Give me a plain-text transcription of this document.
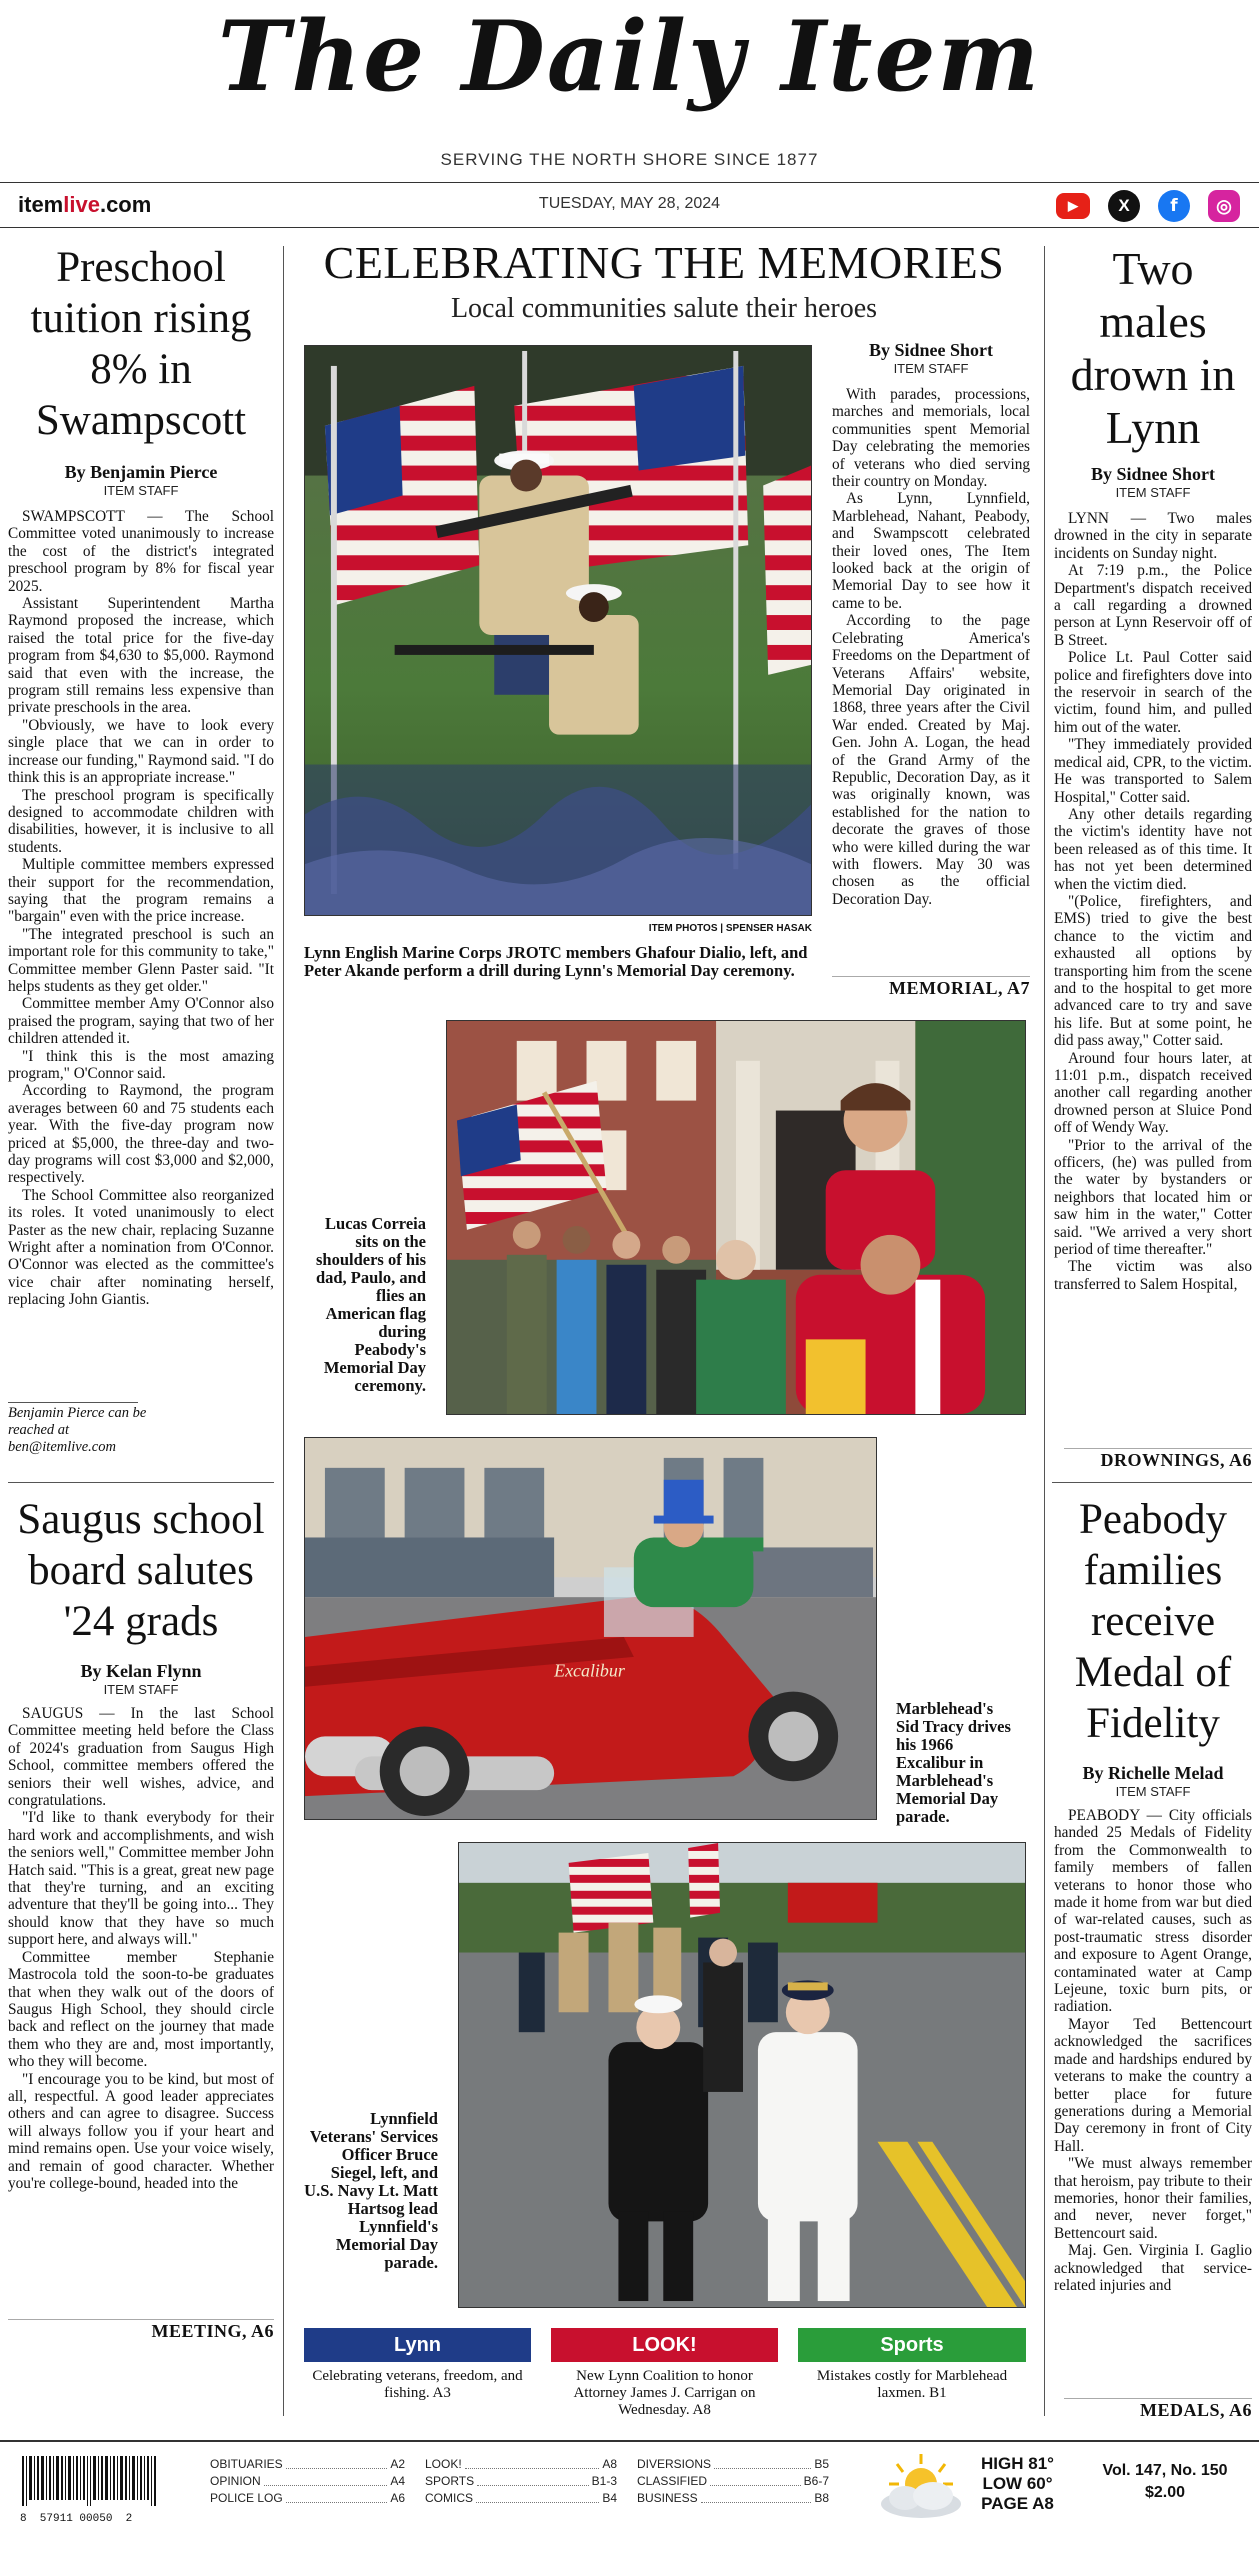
The Daily Item
SERVING THE NORTH SHORE SINCE 1877
itemlive.com	TUESDAY, MAY 28, 2024	▶	X	f	◎
Preschool tuition rising 8% in Swampscott
By Benjamin Pierce
ITEM STAFF

SWAMPSCOTT — The School Committee voted unanimously to increase the cost of the district's integrated preschool program by 8% for fiscal year 2025.

Assistant Superintendent Martha Raymond proposed the increase, which raised the total price for the five-day program from $4,630 to $5,000. Raymond said that even with the increase, the program still remains less expensive than private preschools in the area.

"Obviously, we have to look every single place that we can in order to increase our funding," Raymond said. "I do think this is an appropriate increase."

The preschool program is specifically designed to accommodate children with disabilities, however, it is inclusive to all students.

Multiple committee members expressed their support for the recommendation, saying that the program remains a "bargain" even with the price increase.

"The integrated preschool is such an important role for this community to take," Committee member Glenn Paster said. "It helps students as they get older."

Committee member Amy O'Connor also praised the program, saying that two of her children attended it.

"I think this is the most amazing program," O'Connor said.

According to Raymond, the program averages between 60 and 75 students each year. With the five-day program now priced at $5,000, the three-day and two-day programs will cost $3,000 and $2,000, respectively.

The School Committee also reorganized its roles. It voted unanimously to elect Paster as the new chair, replacing Suzanne Wright after a nomination from O'Connor. O'Connor was elected as the committee's vice chair after nominating herself, replacing John Giantis.

Benjamin Pierce can be reached at ben@itemlive.com
Saugus school board salutes '24 grads
By Kelan Flynn
ITEM STAFF

SAUGUS — In the last School Committee meeting held before the Class of 2024's graduation from Saugus High School, committee members offered the seniors their well wishes, advice, and congratulations.

"I'd like to thank everybody for their hard work and accomplishments, and wish the seniors well," Committee member John Hatch said. "This is a great, great new page that they're turning, and an exciting adventure that they'll be going into... They should know that they have so much support here, and always will."

Committee member Stephanie Mastrocola told the soon-to-be graduates that when they walk out of the doors of Saugus High School, they should circle back and reflect on the journey that made them who they are and, most importantly, who they will become.

"I encourage you to be kind, but most of all, respectful. A good leader appreciates others and can agree to disagree. Success will always follow you if your heart and mind remains open. Use your voice wisely, and remain of good character. Whether you're college-bound, headed into the

MEETING, A6
CELEBRATING THE MEMORIES
Local communities salute their heroes
ITEM PHOTOS | SPENSER HASAK
Lynn English Marine Corps JROTC members Ghafour Dialio, left, and Peter Akande perform a drill during Lynn's Memorial Day ceremony.
By Sidnee Short
ITEM STAFF

With parades, processions, marches and memorials, local communities spent Memorial Day celebrating the memories of veterans who died serving their country on Monday.

As Lynn, Lynnfield, Marblehead, Nahant, Peabody, and Swampscott celebrated their loved ones, The Item looked back at the origin of Memorial Day to see how it came to be.

According to the page Celebrating America's Freedoms on the Department of Veterans Affairs' website, Memorial Day originated in 1868, three years after the Civil War ended. Created by Maj. Gen. John A. Logan, the head of the Grand Army of the Republic, Decoration Day, as it was originally known, was established for the nation to decorate the graves of those who were killed during the war with flowers. May 30 was chosen as the official Decoration Day.

MEMORIAL, A7
Lucas Correia sits on the shoulders of his dad, Paulo, and flies an American flag during Peabody's Memorial Day ceremony.
Excalibur
Marblehead's Sid Tracy drives his 1966 Excalibur in Marblehead's Memorial Day parade.
Lynnfield Veterans' Services Officer Bruce Siegel, left, and U.S. Navy Lt. Matt Hartsog lead Lynnfield's Memorial Day parade.
Lynn
Celebrating veterans, freedom, and fishing. A3
LOOK!
New Lynn Coalition to honor Attorney James J. Carrigan on Wednesday. A8
Sports
Mistakes costly for Marblehead laxmen. B1
Two males drown in Lynn
By Sidnee Short
ITEM STAFF

LYNN — Two males drowned in the city in separate incidents on Sunday night.

At 7:19 p.m., the Police Department's dispatch received a call regarding a drowned person at Lynn Reservoir off of B Street.

Police Lt. Paul Cotter said police and firefighters dove into the reservoir in search of the victim, found him, and pulled him out of the water.

"They immediately provided medical aid, CPR, to the victim. He was transported to Salem Hospital," Cotter said.

Any other details regarding the victim's identity have not been released as of this time. It has not yet been determined when the victim died.

"(Police, firefighters, and EMS) tried to give the best chance to the victim and exhausted all options by transporting him from the scene and to the hospital to get more advanced care to try and save his life. But at some point, he did pass away," Cotter said.

Around four hours later, at 11:01 p.m., dispatch received another call regarding another drowned person at Sluice Pond off of Wendy Way.

"Prior to the arrival of the officers, (he) was pulled from the water by bystanders or neighbors that located him or saw him in the water," Cotter said. "We arrived a very short period of time thereafter."

The victim was also transferred to Salem Hospital,

DROWNINGS, A6
Peabody families receive Medal of Fidelity
By Richelle Melad
ITEM STAFF

PEABODY — City officials handed 25 Medals of Fidelity from the Commonwealth to family members of fallen veterans to honor those who made it home from war but died of war-related causes, such as post-traumatic stress disorder and exposure to Agent Orange, contaminated water at Camp Lejeune, toxic burn pits, or radiation.

Mayor Ted Bettencourt acknowledged the sacrifices made and hardships endured by veterans to make the country a better place for future generations during a Memorial Day ceremony in front of City Hall.

"We must always remember that heroism, pay tribute to their memories, honor their families, and never, never forget," Bettencourt said.

Maj. Gen. Virginia I. Gaglio acknowledged that service-related injuries and

MEDALS, A6
8  57911 00050  2
OBITUARIES	A2
OPINION	A4
POLICE LOG	A6
LOOK!	A8
SPORTS	B1-3
COMICS	B4
DIVERSIONS	B5
CLASSIFIED	B6-7
BUSINESS	B8
HIGH 81°
LOW 60°
PAGE A8
Vol. 147, No. 150
$2.00
